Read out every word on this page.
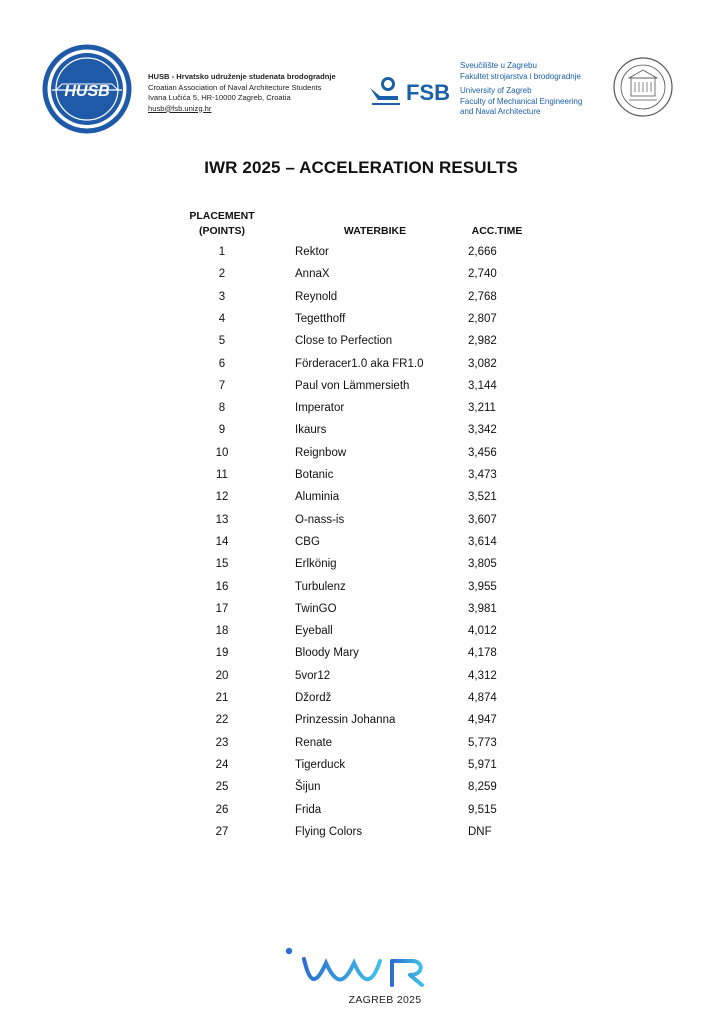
HUSB
HUSB - Hrvatsko udruženje studenata brodogradnje
Croatian Association of Naval Architecture Students
Ivana Lučića 5, HR-10000 Zagreb, Croatia
husb@fsb.unizg.hr
FSB
Sveučilište u Zagrebu
Fakultet strojarstva i brodogradnje
University of Zagreb
Faculty of Mechanical Engineering
and Naval Architecture
IWR 2025 – ACCELERATION RESULTS
PLACEMENT
(POINTS)	WATERBIKE	ACC.TIME
1	Rektor	2,666
2	AnnaX	2,740
3	Reynold	2,768
4	Tegetthoff	2,807
5	Close to Perfection	2,982
6	Förderacer1.0 aka FR1.0	3,082
7	Paul von Lämmersieth	3,144
8	Imperator	3,211
9	Ikaurs	3,342
10	Reignbow	3,456
11	Botanic	3,473
12	Aluminia	3,521
13	O-nass-is	3,607
14	CBG	3,614
15	Erlkönig	3,805
16	Turbulenz	3,955
17	TwinGO	3,981
18	Eyeball	4,012
19	Bloody Mary	4,178
20	5vor12	4,312
21	Džordž	4,874
22	Prinzessin Johanna	4,947
23	Renate	5,773
24	Tigerduck	5,971
25	Šijun	8,259
26	Frida	9,515
27	Flying Colors	DNF
ZAGREB 2025
